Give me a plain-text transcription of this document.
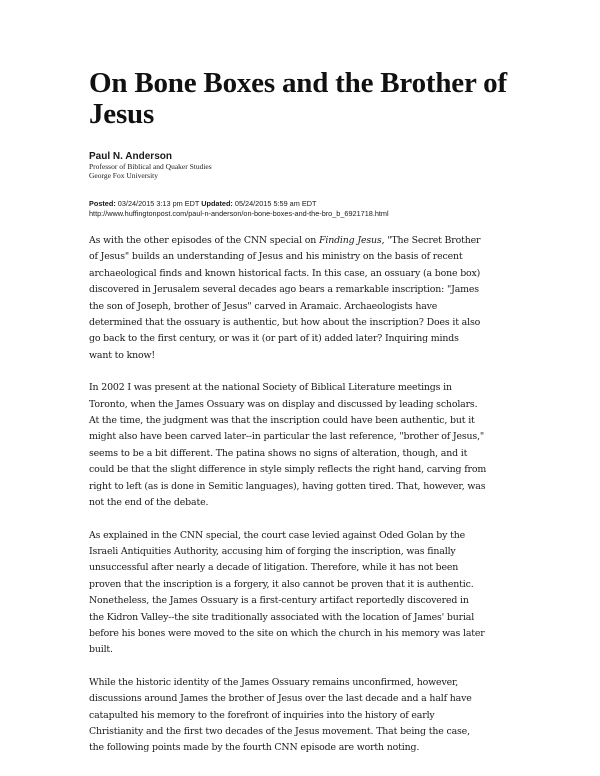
On Bone Boxes and the Brother of
Jesus
Paul N. Anderson
Professor of Biblical and Quaker Studies
George Fox University
Posted: 03/24/2015 3:13 pm EDT Updated: 05/24/2015 5:59 am EDT
http://www.huffingtonpost.com/paul-n-anderson/on-bone-boxes-and-the-bro_b_6921718.html

As with the other episodes of the CNN special on Finding Jesus, "The Secret Brother
of Jesus" builds an understanding of Jesus and his ministry on the basis of recent
archaeological finds and known historical facts. In this case, an ossuary (a bone box)
discovered in Jerusalem several decades ago bears a remarkable inscription: "James
the son of Joseph, brother of Jesus" carved in Aramaic. Archaeologists have
determined that the ossuary is authentic, but how about the inscription? Does it also
go back to the first century, or was it (or part of it) added later? Inquiring minds
want to know!

In 2002 I was present at the national Society of Biblical Literature meetings in
Toronto, when the James Ossuary was on display and discussed by leading scholars.
At the time, the judgment was that the inscription could have been authentic, but it
might also have been carved later--in particular the last reference, "brother of Jesus,"
seems to be a bit different. The patina shows no signs of alteration, though, and it
could be that the slight difference in style simply reflects the right hand, carving from
right to left (as is done in Semitic languages), having gotten tired. That, however, was
not the end of the debate.

As explained in the CNN special, the court case levied against Oded Golan by the
Israeli Antiquities Authority, accusing him of forging the inscription, was finally
unsuccessful after nearly a decade of litigation. Therefore, while it has not been
proven that the inscription is a forgery, it also cannot be proven that it is authentic.
Nonetheless, the James Ossuary is a first-century artifact reportedly discovered in
the Kidron Valley--the site traditionally associated with the location of James' burial
before his bones were moved to the site on which the church in his memory was later
built.

While the historic identity of the James Ossuary remains unconfirmed, however,
discussions around James the brother of Jesus over the last decade and a half have
catapulted his memory to the forefront of inquiries into the history of early
Christianity and the first two decades of the Jesus movement. That being the case,
the following points made by the fourth CNN episode are worth noting.
